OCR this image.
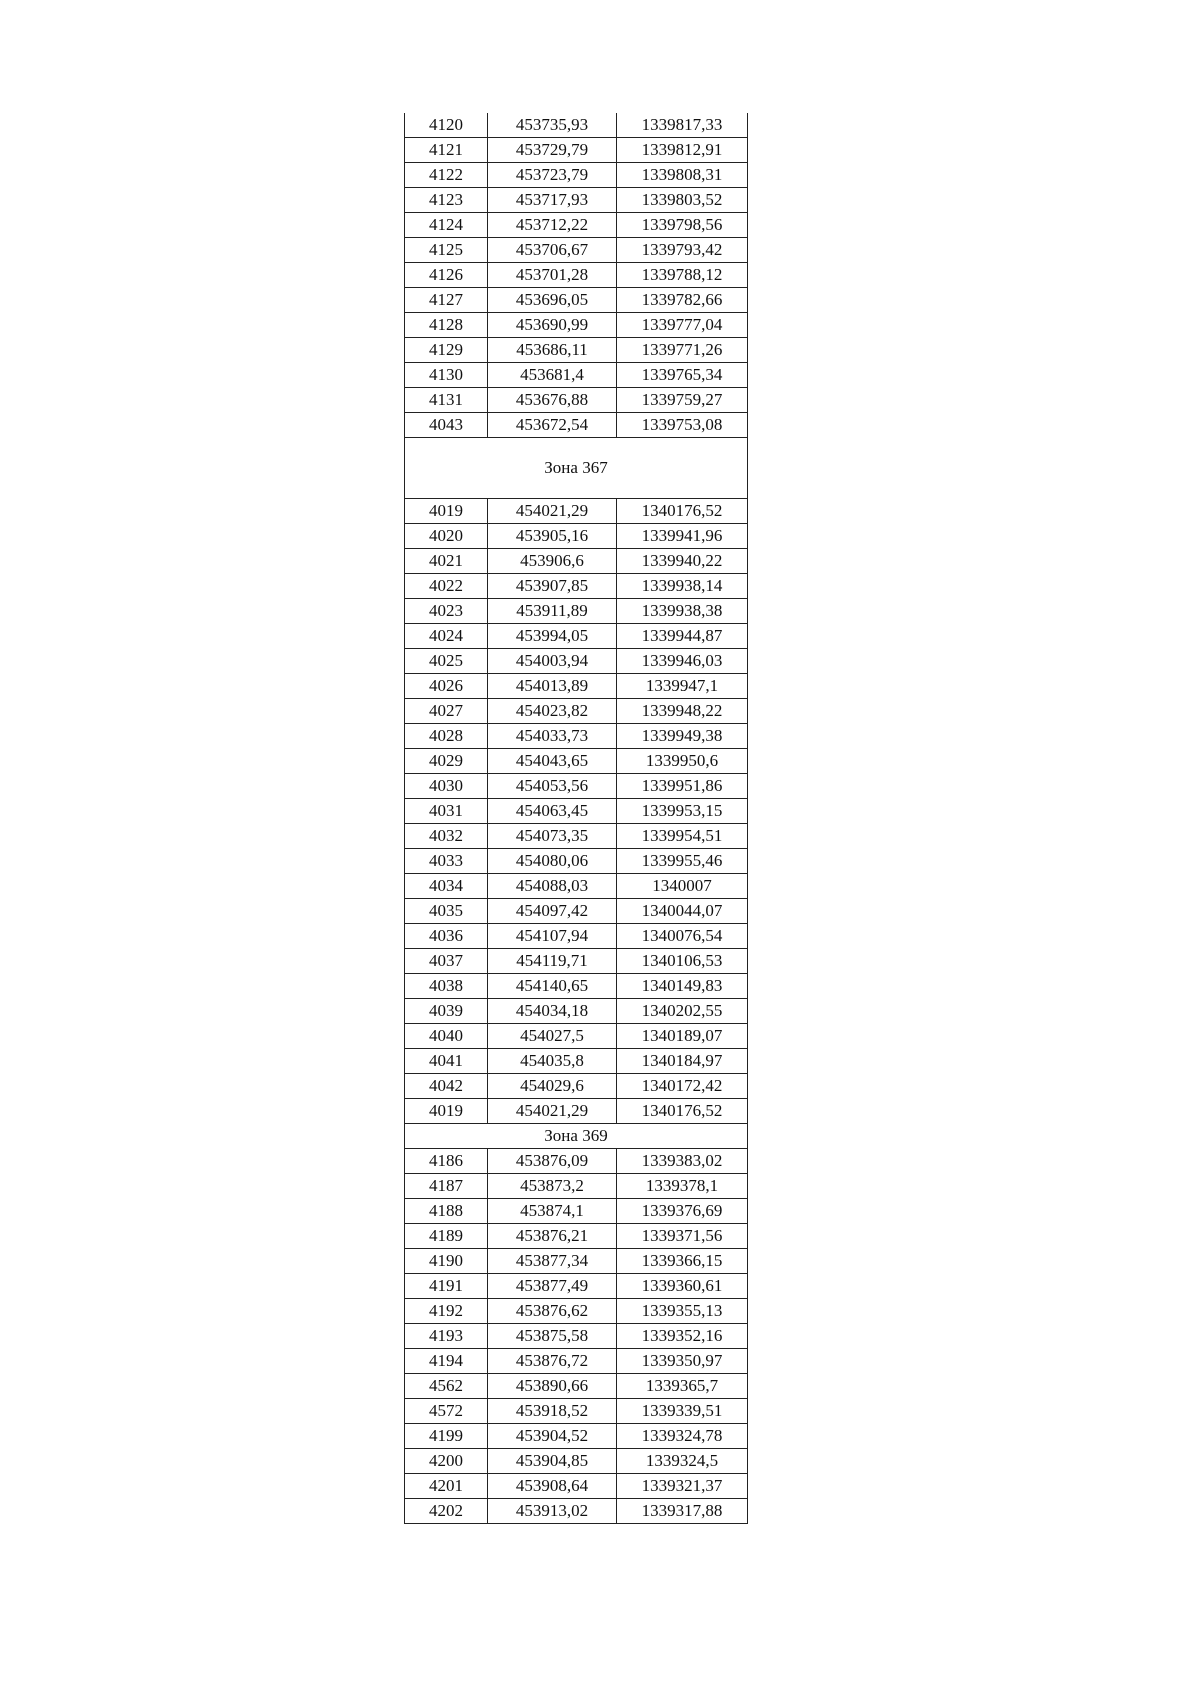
4120	453735,93	1339817,33
4121	453729,79	1339812,91
4122	453723,79	1339808,31
4123	453717,93	1339803,52
4124	453712,22	1339798,56
4125	453706,67	1339793,42
4126	453701,28	1339788,12
4127	453696,05	1339782,66
4128	453690,99	1339777,04
4129	453686,11	1339771,26
4130	453681,4	1339765,34
4131	453676,88	1339759,27
4043	453672,54	1339753,08
Зона 367		
4019	454021,29	1340176,52
4020	453905,16	1339941,96
4021	453906,6	1339940,22
4022	453907,85	1339938,14
4023	453911,89	1339938,38
4024	453994,05	1339944,87
4025	454003,94	1339946,03
4026	454013,89	1339947,1
4027	454023,82	1339948,22
4028	454033,73	1339949,38
4029	454043,65	1339950,6
4030	454053,56	1339951,86
4031	454063,45	1339953,15
4032	454073,35	1339954,51
4033	454080,06	1339955,46
4034	454088,03	1340007
4035	454097,42	1340044,07
4036	454107,94	1340076,54
4037	454119,71	1340106,53
4038	454140,65	1340149,83
4039	454034,18	1340202,55
4040	454027,5	1340189,07
4041	454035,8	1340184,97
4042	454029,6	1340172,42
4019	454021,29	1340176,52
Зона 369		
4186	453876,09	1339383,02
4187	453873,2	1339378,1
4188	453874,1	1339376,69
4189	453876,21	1339371,56
4190	453877,34	1339366,15
4191	453877,49	1339360,61
4192	453876,62	1339355,13
4193	453875,58	1339352,16
4194	453876,72	1339350,97
4562	453890,66	1339365,7
4572	453918,52	1339339,51
4199	453904,52	1339324,78
4200	453904,85	1339324,5
4201	453908,64	1339321,37
4202	453913,02	1339317,88
